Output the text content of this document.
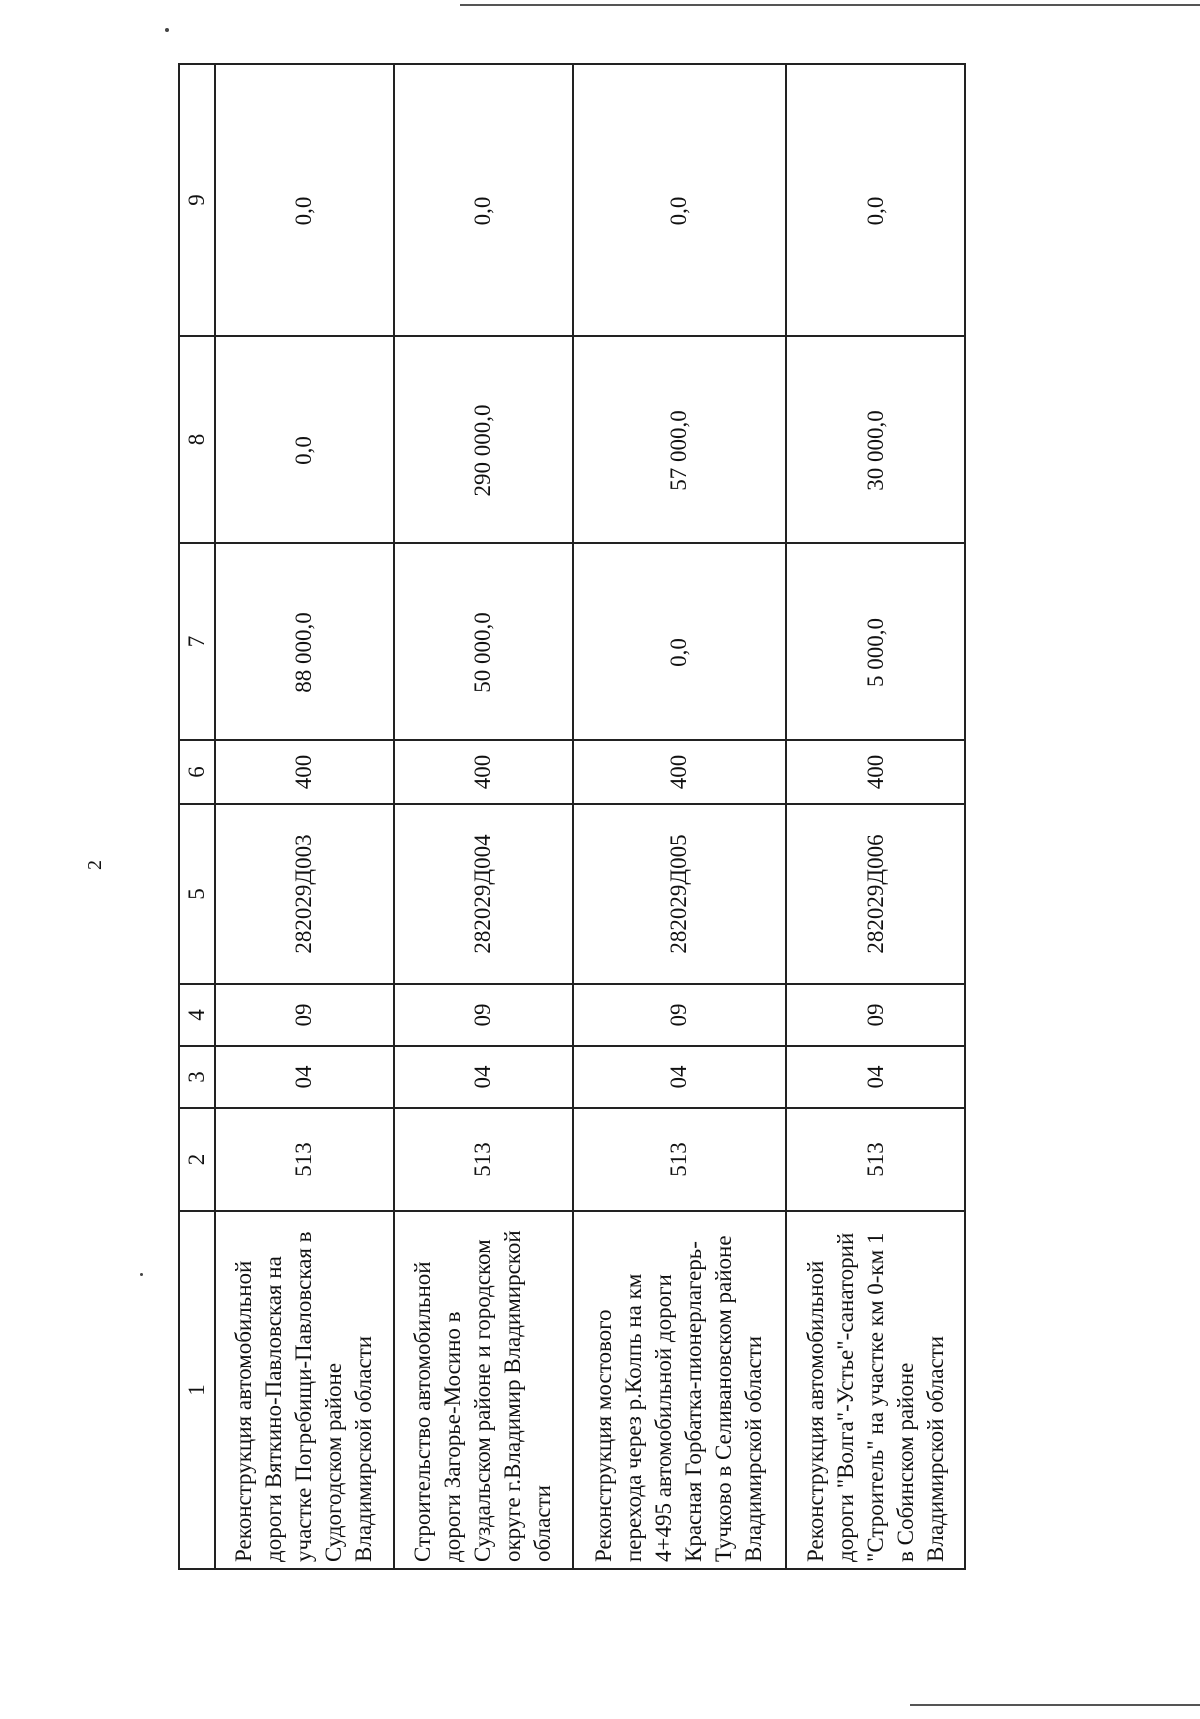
2
1	2	3	4	5	6	7	8	9
Реконструкция автомобильной дороги Вяткино-Павловская на участке Погребищи-Павловская в Судогодском районе Владимирской области	513	04	09	282029Д003	400	88 000,0	0,0	0,0
Строительство автомобильной дороги Загорье-Мосино в Суздальском районе и городском округе г.Владимир Владимирской области	513	04	09	282029Д004	400	50 000,0	290 000,0	0,0
Реконструкция мостового перехода через р.Колпь на км 4+495 автомобильной дороги Красная Горбатка-пионерлагерь-Тучково в Селивановском районе Владимирской области	513	04	09	282029Д005	400	0,0	57 000,0	0,0
Реконструкция автомобильной дороги "Волга"-Устье"-санаторий "Строитель" на участке км 0-км 1 в Собинском районе Владимирской области	513	04	09	282029Д006	400	5 000,0	30 000,0	0,0
